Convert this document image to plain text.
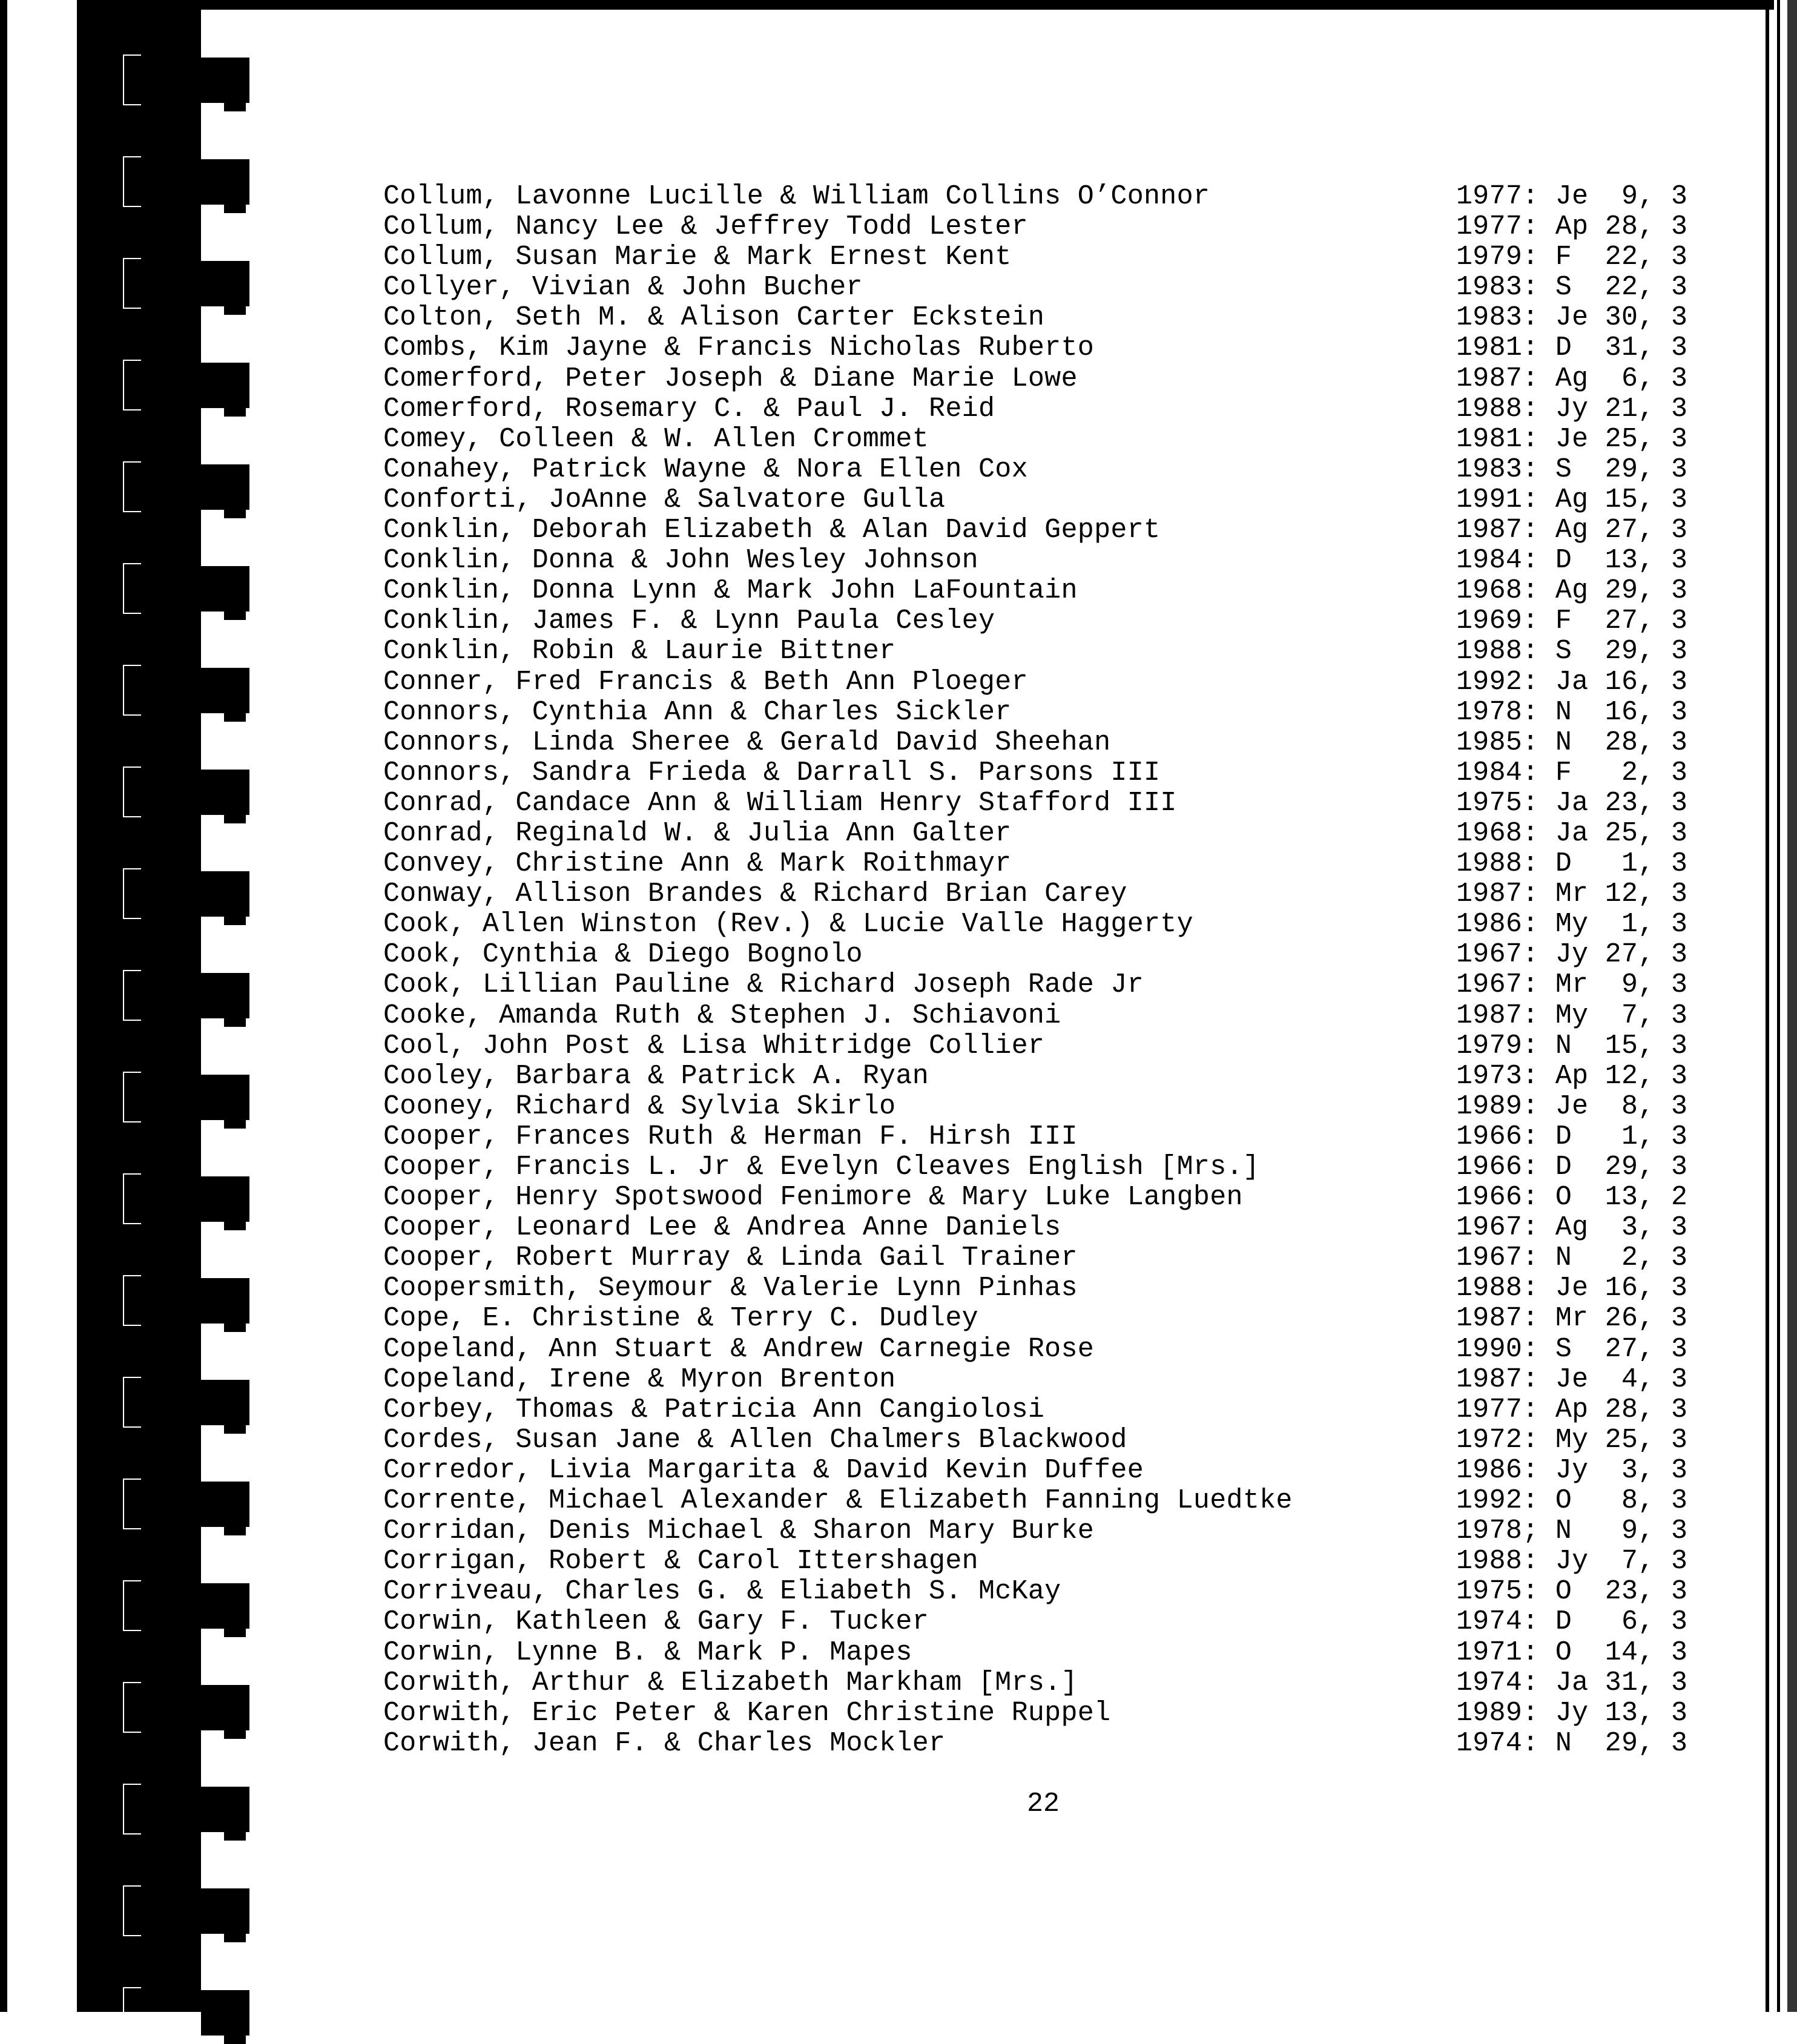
Collum, Lavonne Lucille & William Collins O’Connor	1977: Je  9, 3
Collum, Nancy Lee & Jeffrey Todd Lester	1977: Ap 28, 3
Collum, Susan Marie & Mark Ernest Kent	1979: F  22, 3
Collyer, Vivian & John Bucher	1983: S  22, 3
Colton, Seth M. & Alison Carter Eckstein	1983: Je 30, 3
Combs, Kim Jayne & Francis Nicholas Ruberto	1981: D  31, 3
Comerford, Peter Joseph & Diane Marie Lowe	1987: Ag  6, 3
Comerford, Rosemary C. & Paul J. Reid	1988: Jy 21, 3
Comey, Colleen & W. Allen Crommet	1981: Je 25, 3
Conahey, Patrick Wayne & Nora Ellen Cox	1983: S  29, 3
Conforti, JoAnne & Salvatore Gulla	1991: Ag 15, 3
Conklin, Deborah Elizabeth & Alan David Geppert	1987: Ag 27, 3
Conklin, Donna & John Wesley Johnson	1984: D  13, 3
Conklin, Donna Lynn & Mark John LaFountain	1968: Ag 29, 3
Conklin, James F. & Lynn Paula Cesley	1969: F  27, 3
Conklin, Robin & Laurie Bittner	1988: S  29, 3
Conner, Fred Francis & Beth Ann Ploeger	1992: Ja 16, 3
Connors, Cynthia Ann & Charles Sickler	1978: N  16, 3
Connors, Linda Sheree & Gerald David Sheehan	1985: N  28, 3
Connors, Sandra Frieda & Darrall S. Parsons III	1984: F   2, 3
Conrad, Candace Ann & William Henry Stafford III	1975: Ja 23, 3
Conrad, Reginald W. & Julia Ann Galter	1968: Ja 25, 3
Convey, Christine Ann & Mark Roithmayr	1988: D   1, 3
Conway, Allison Brandes & Richard Brian Carey	1987: Mr 12, 3
Cook, Allen Winston (Rev.) & Lucie Valle Haggerty	1986: My  1, 3
Cook, Cynthia & Diego Bognolo	1967: Jy 27, 3
Cook, Lillian Pauline & Richard Joseph Rade Jr	1967: Mr  9, 3
Cooke, Amanda Ruth & Stephen J. Schiavoni	1987: My  7, 3
Cool, John Post & Lisa Whitridge Collier	1979: N  15, 3
Cooley, Barbara & Patrick A. Ryan	1973: Ap 12, 3
Cooney, Richard & Sylvia Skirlo	1989: Je  8, 3
Cooper, Frances Ruth & Herman F. Hirsh III	1966: D   1, 3
Cooper, Francis L. Jr & Evelyn Cleaves English [Mrs.]	1966: D  29, 3
Cooper, Henry Spotswood Fenimore & Mary Luke Langben	1966: O  13, 2
Cooper, Leonard Lee & Andrea Anne Daniels	1967: Ag  3, 3
Cooper, Robert Murray & Linda Gail Trainer	1967: N   2, 3
Coopersmith, Seymour & Valerie Lynn Pinhas	1988: Je 16, 3
Cope, E. Christine & Terry C. Dudley	1987: Mr 26, 3
Copeland, Ann Stuart & Andrew Carnegie Rose	1990: S  27, 3
Copeland, Irene & Myron Brenton	1987: Je  4, 3
Corbey, Thomas & Patricia Ann Cangiolosi	1977: Ap 28, 3
Cordes, Susan Jane & Allen Chalmers Blackwood	1972: My 25, 3
Corredor, Livia Margarita & David Kevin Duffee	1986: Jy  3, 3
Corrente, Michael Alexander & Elizabeth Fanning Luedtke	1992: O   8, 3
Corridan, Denis Michael & Sharon Mary Burke	1978; N   9, 3
Corrigan, Robert & Carol Ittershagen	1988: Jy  7, 3
Corriveau, Charles G. & Eliabeth S. McKay	1975: O  23, 3
Corwin, Kathleen & Gary F. Tucker	1974: D   6, 3
Corwin, Lynne B. & Mark P. Mapes	1971: O  14, 3
Corwith, Arthur & Elizabeth Markham [Mrs.]	1974: Ja 31, 3
Corwith, Eric Peter & Karen Christine Ruppel	1989: Jy 13, 3
Corwith, Jean F. & Charles Mockler	1974: N  29, 3
22
